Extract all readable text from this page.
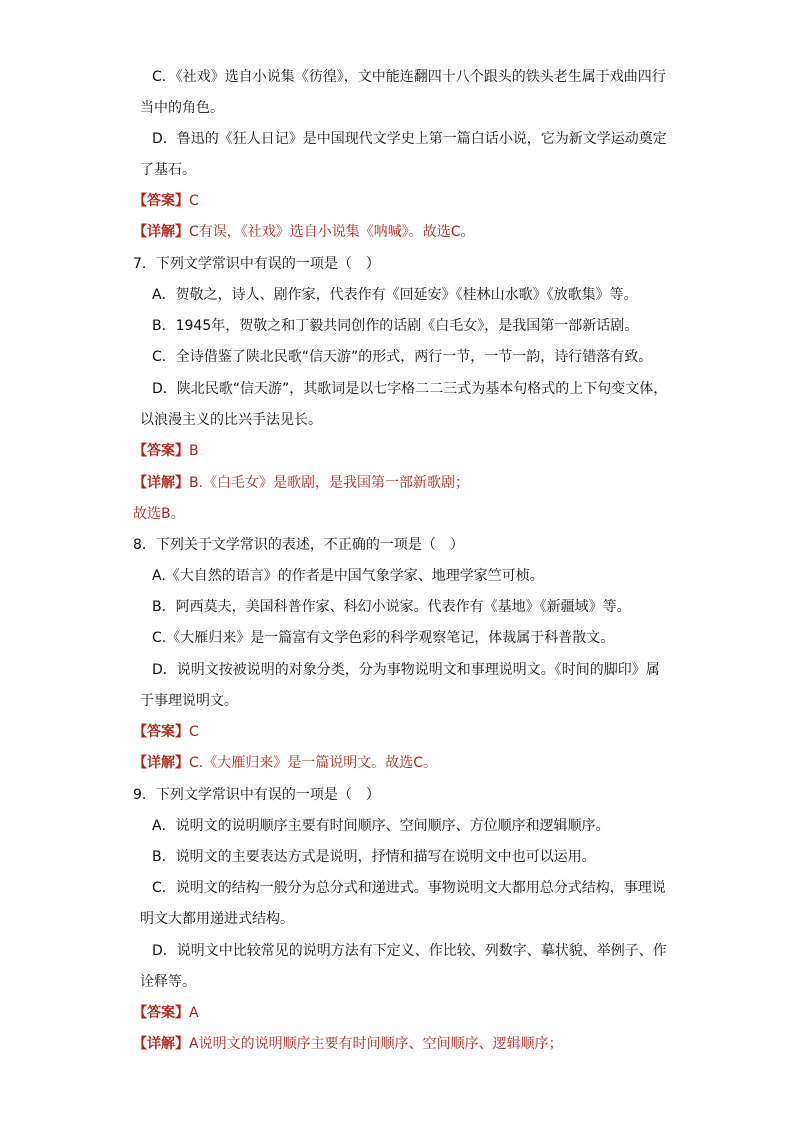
C．《社戏》选自小说集《彷徨》，文中能连翻四十八个跟头的铁头老生属于戏曲四行
当中的角色。
D．鲁迅的《狂人日记》是中国现代文学史上第一篇白话小说，它为新文学运动奠定
了基石。
【答案】C
【详解】C有误，《社戏》选自小说集《呐喊》。故选C。
7．下列文学常识中有误的一项是（　）
A．贺敬之，诗人、剧作家，代表作有《回延安》《桂林山水歌》《放歌集》等。
B．1945年，贺敬之和丁毅共同创作的话剧《白毛女》，是我国第一部新话剧。
C．全诗借鉴了陕北民歌“信天游”的形式，两行一节，一节一韵，诗行错落有致。
D．陕北民歌“信天游”，其歌词是以七字格二二三式为基本句格式的上下句变文体，
以浪漫主义的比兴手法见长。
【答案】B
【详解】B.《白毛女》是歌剧，是我国第一部新歌剧；
故选B。
8．下列关于文学常识的表述，不正确的一项是（　）
A.《大自然的语言》的作者是中国气象学家、地理学家竺可桢。
B．阿西莫夫，美国科普作家、科幻小说家。代表作有《基地》《新疆域》等。
C.《大雁归来》是一篇富有文学色彩的科学观察笔记，体裁属于科普散文。
D．说明文按被说明的对象分类，分为事物说明文和事理说明文。《时间的脚印》属
于事理说明文。
【答案】C
【详解】C.《大雁归来》是一篇说明文。故选C。
9．下列文学常识中有误的一项是（　）
A．说明文的说明顺序主要有时间顺序、空间顺序、方位顺序和逻辑顺序。
B．说明文的主要表达方式是说明，抒情和描写在说明文中也可以运用。
C．说明文的结构一般分为总分式和递进式。事物说明文大都用总分式结构，事理说
明文大都用递进式结构。
D．说明文中比较常见的说明方法有下定义、作比较、列数字、摹状貌、举例子、作
诠释等。
【答案】A
【详解】A说明文的说明顺序主要有时间顺序、空间顺序、逻辑顺序；
